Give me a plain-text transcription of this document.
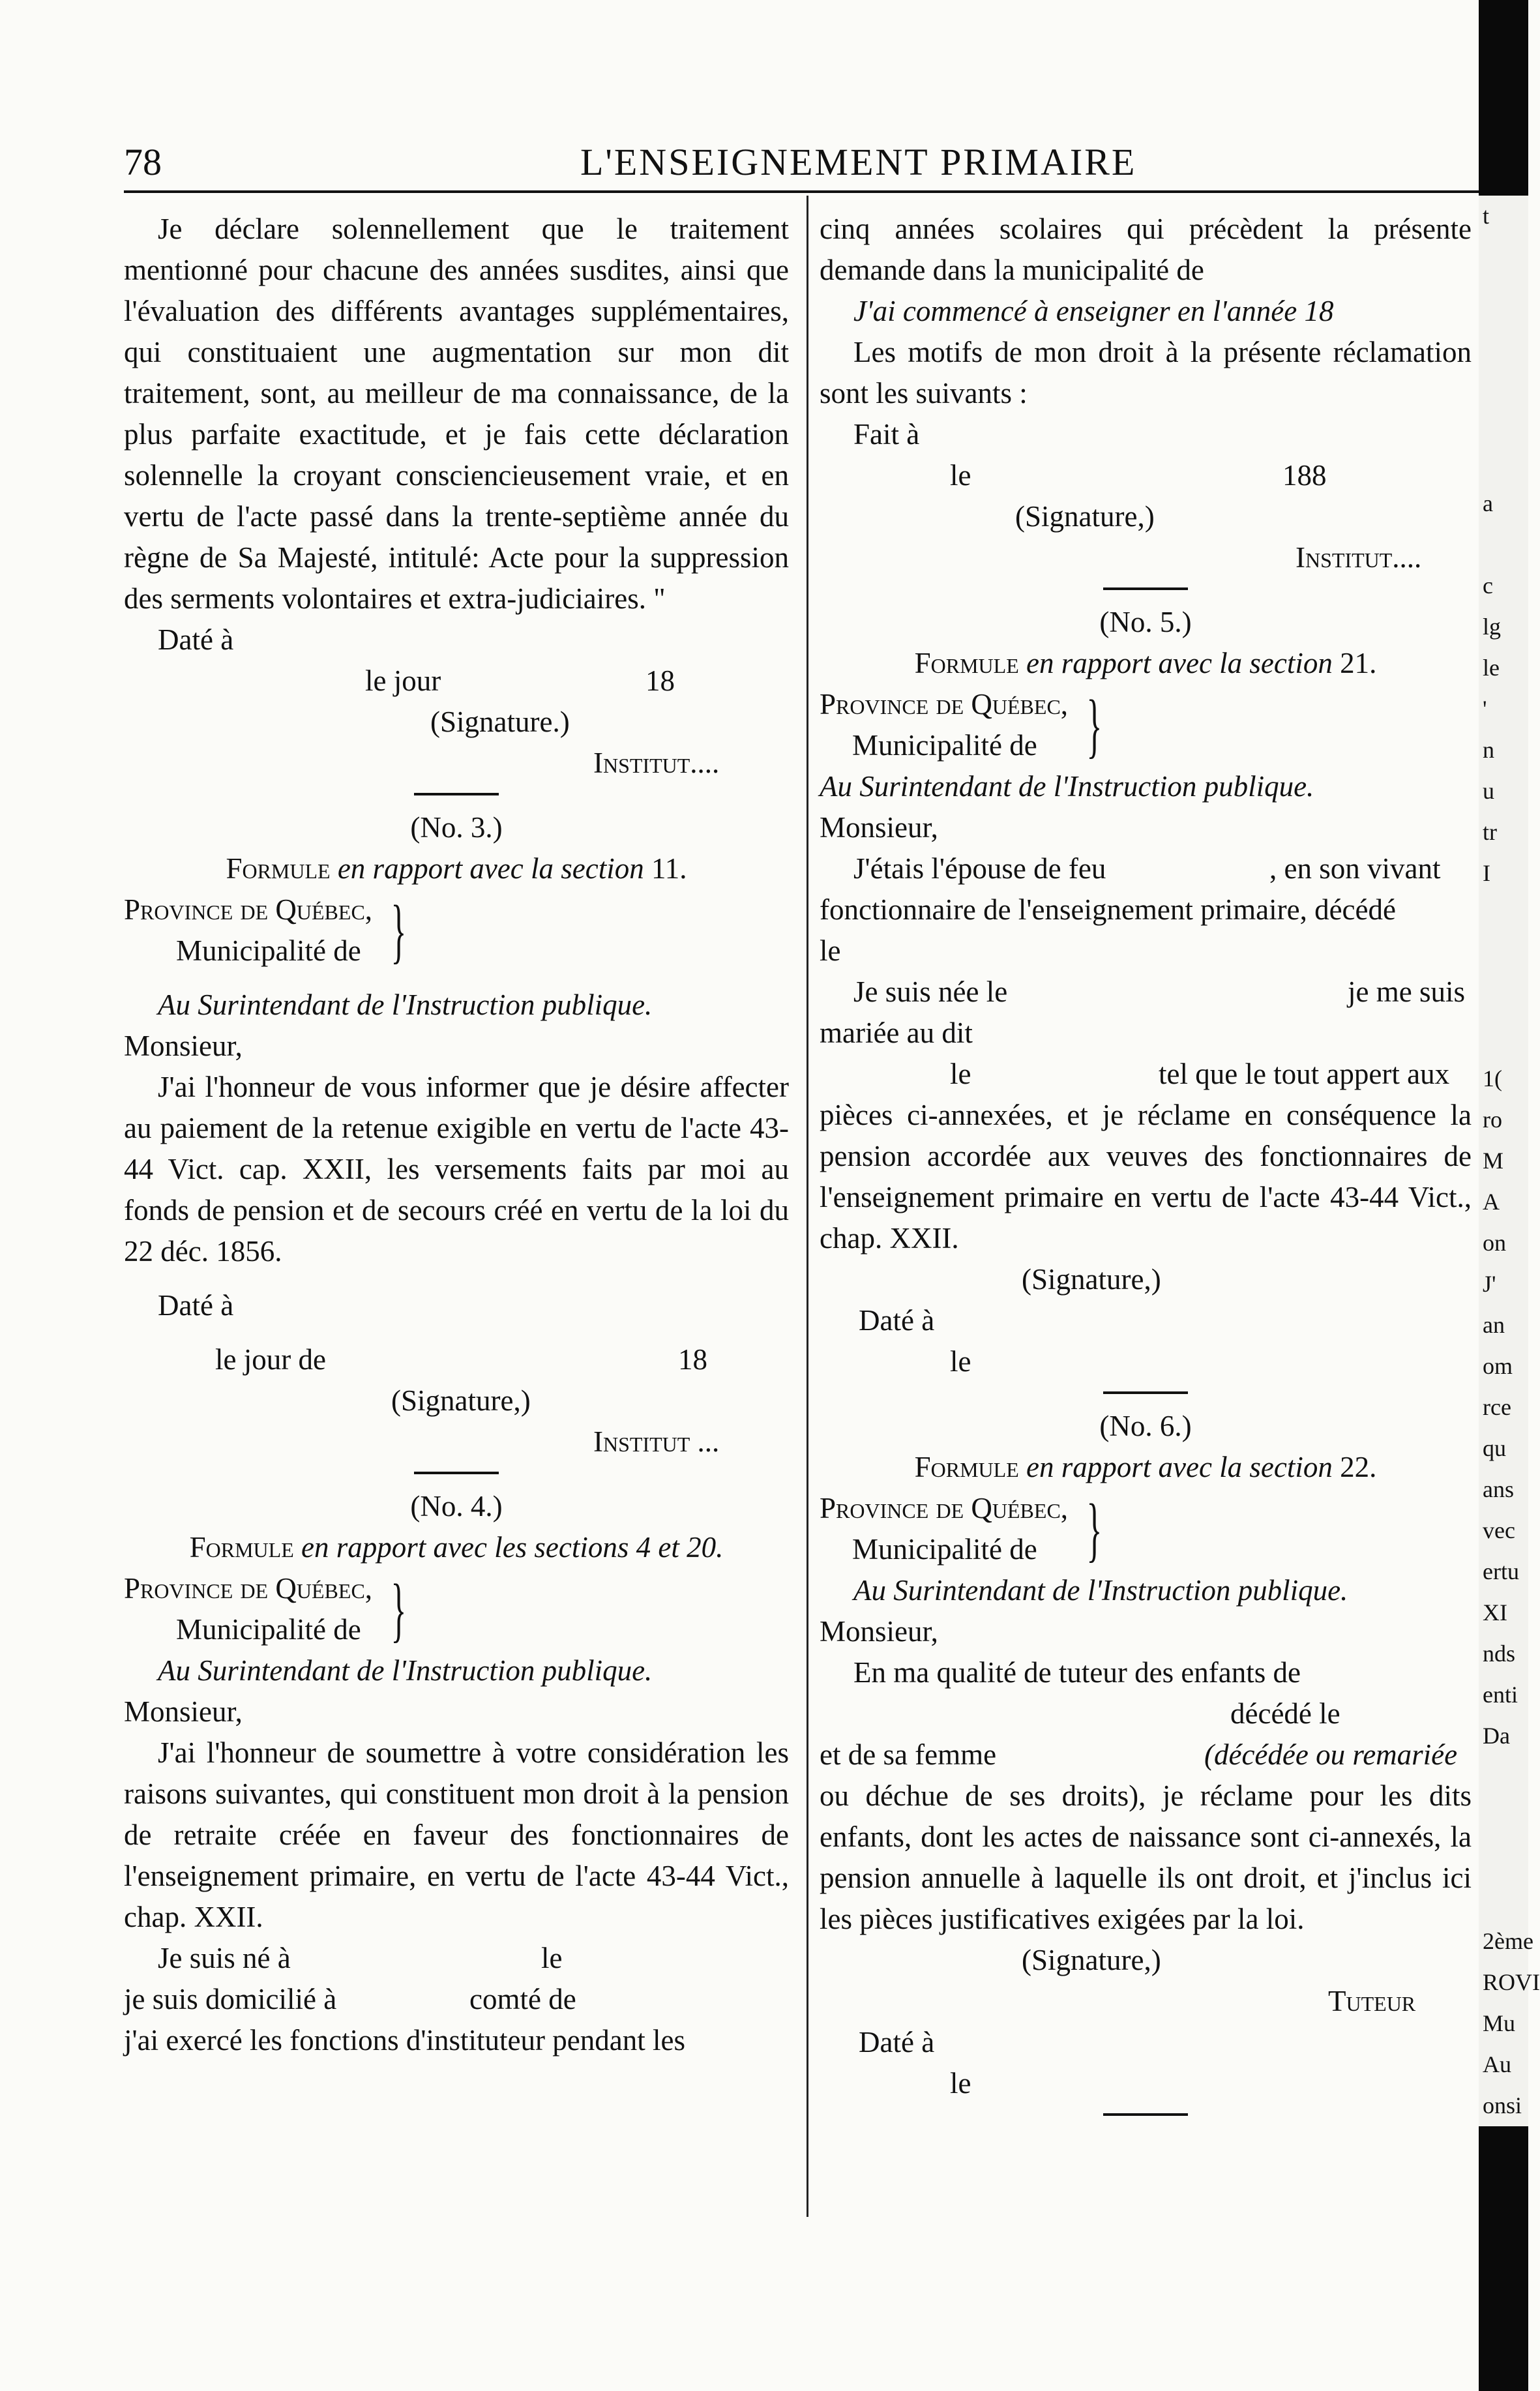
78	L'ENSEIGNEMENT PRIMAIRE

Je déclare solennellement que le traitement mentionné pour chacune des années susdites, ainsi que l'évaluation des différents avantages supplémentaires, qui constituaient une augmentation sur mon dit traitement, sont, au meilleur de ma connaissance, de la plus parfaite exactitude, et je fais cette déclaration solennelle la croyant consciencieusement vraie, et en vertu de l'acte passé dans la trente-septième année du règne de Sa Majesté, intitulé: Acte pour la suppression des serments volontaires et extra-judiciaires. "

Daté à
le jour	18
(Signature.)
Institut....

(No. 3.)

Formule en rapport avec la section 11.

Province de Québec,
Municipalité de }

Au Surintendant de l'Instruction publique.

Monsieur,

J'ai l'honneur de vous informer que je désire affecter au paiement de la retenue exigible en vertu de l'acte 43-44 Vict. cap. XXII, les versements faits par moi au fonds de pension et de secours créé en vertu de la loi du 22 déc. 1856.

Daté à
le jour de	18
(Signature,)
Institut ...

(No. 4.)

Formule en rapport avec les sections 4 et 20.

Province de Québec,
Municipalité de }

Au Surintendant de l'Instruction publique.

Monsieur,

J'ai l'honneur de soumettre à votre considération les raisons suivantes, qui constituent mon droit à la pension de retraite créée en faveur des fonctionnaires de l'enseignement primaire, en vertu de l'acte 43-44 Vict., chap. XXII.

Je suis né à	le
je suis domicilié à	comté de
j'ai exercé les fonctions d'instituteur pendant les

cinq années scolaires qui précèdent la présente demande dans la municipalité de

J'ai commencé à enseigner en l'année 18

Les motifs de mon droit à la présente réclamation sont les suivants :

Fait à
le	188
(Signature,)
Institut....

(No. 5.)

Formule en rapport avec la section 21.

Province de Québec,
Municipalité de }

Au Surintendant de l'Instruction publique.

Monsieur,

J'étais l'épouse de feu	, en son vivant

fonctionnaire de l'enseignement primaire, décédé

le

Je suis née le	je me suis

mariée au dit

le	tel que le tout appert aux

pièces ci-annexées, et je réclame en conséquence la pension accordée aux veuves des fonctionnaires de l'enseignement primaire en vertu de l'acte 43-44 Vict., chap. XXII.

(Signature,)
Daté à
le

(No. 6.)

Formule en rapport avec la section 22.

Province de Québec,
Municipalité de }

Au Surintendant de l'Instruction publique.

Monsieur,

En ma qualité de tuteur des enfants de

décédé le
et de sa femme	(décédée ou remariée

ou déchue de ses droits), je réclame pour les dits enfants, dont les actes de naissance sont ci-annexés, la pension annuelle à laquelle ils ont droit, et j'inclus ici les pièces justificatives exigées par la loi.

(Signature,)
Tuteur
Daté à
le
t
a
c
lg
le
'
n
u
tr
I
1(
ro
M
A
on
J'
an
om
rce
qu
ans
vec
ertu
XI
nds
enti
Da
2ème
ROVI
Mu
Au
onsi
